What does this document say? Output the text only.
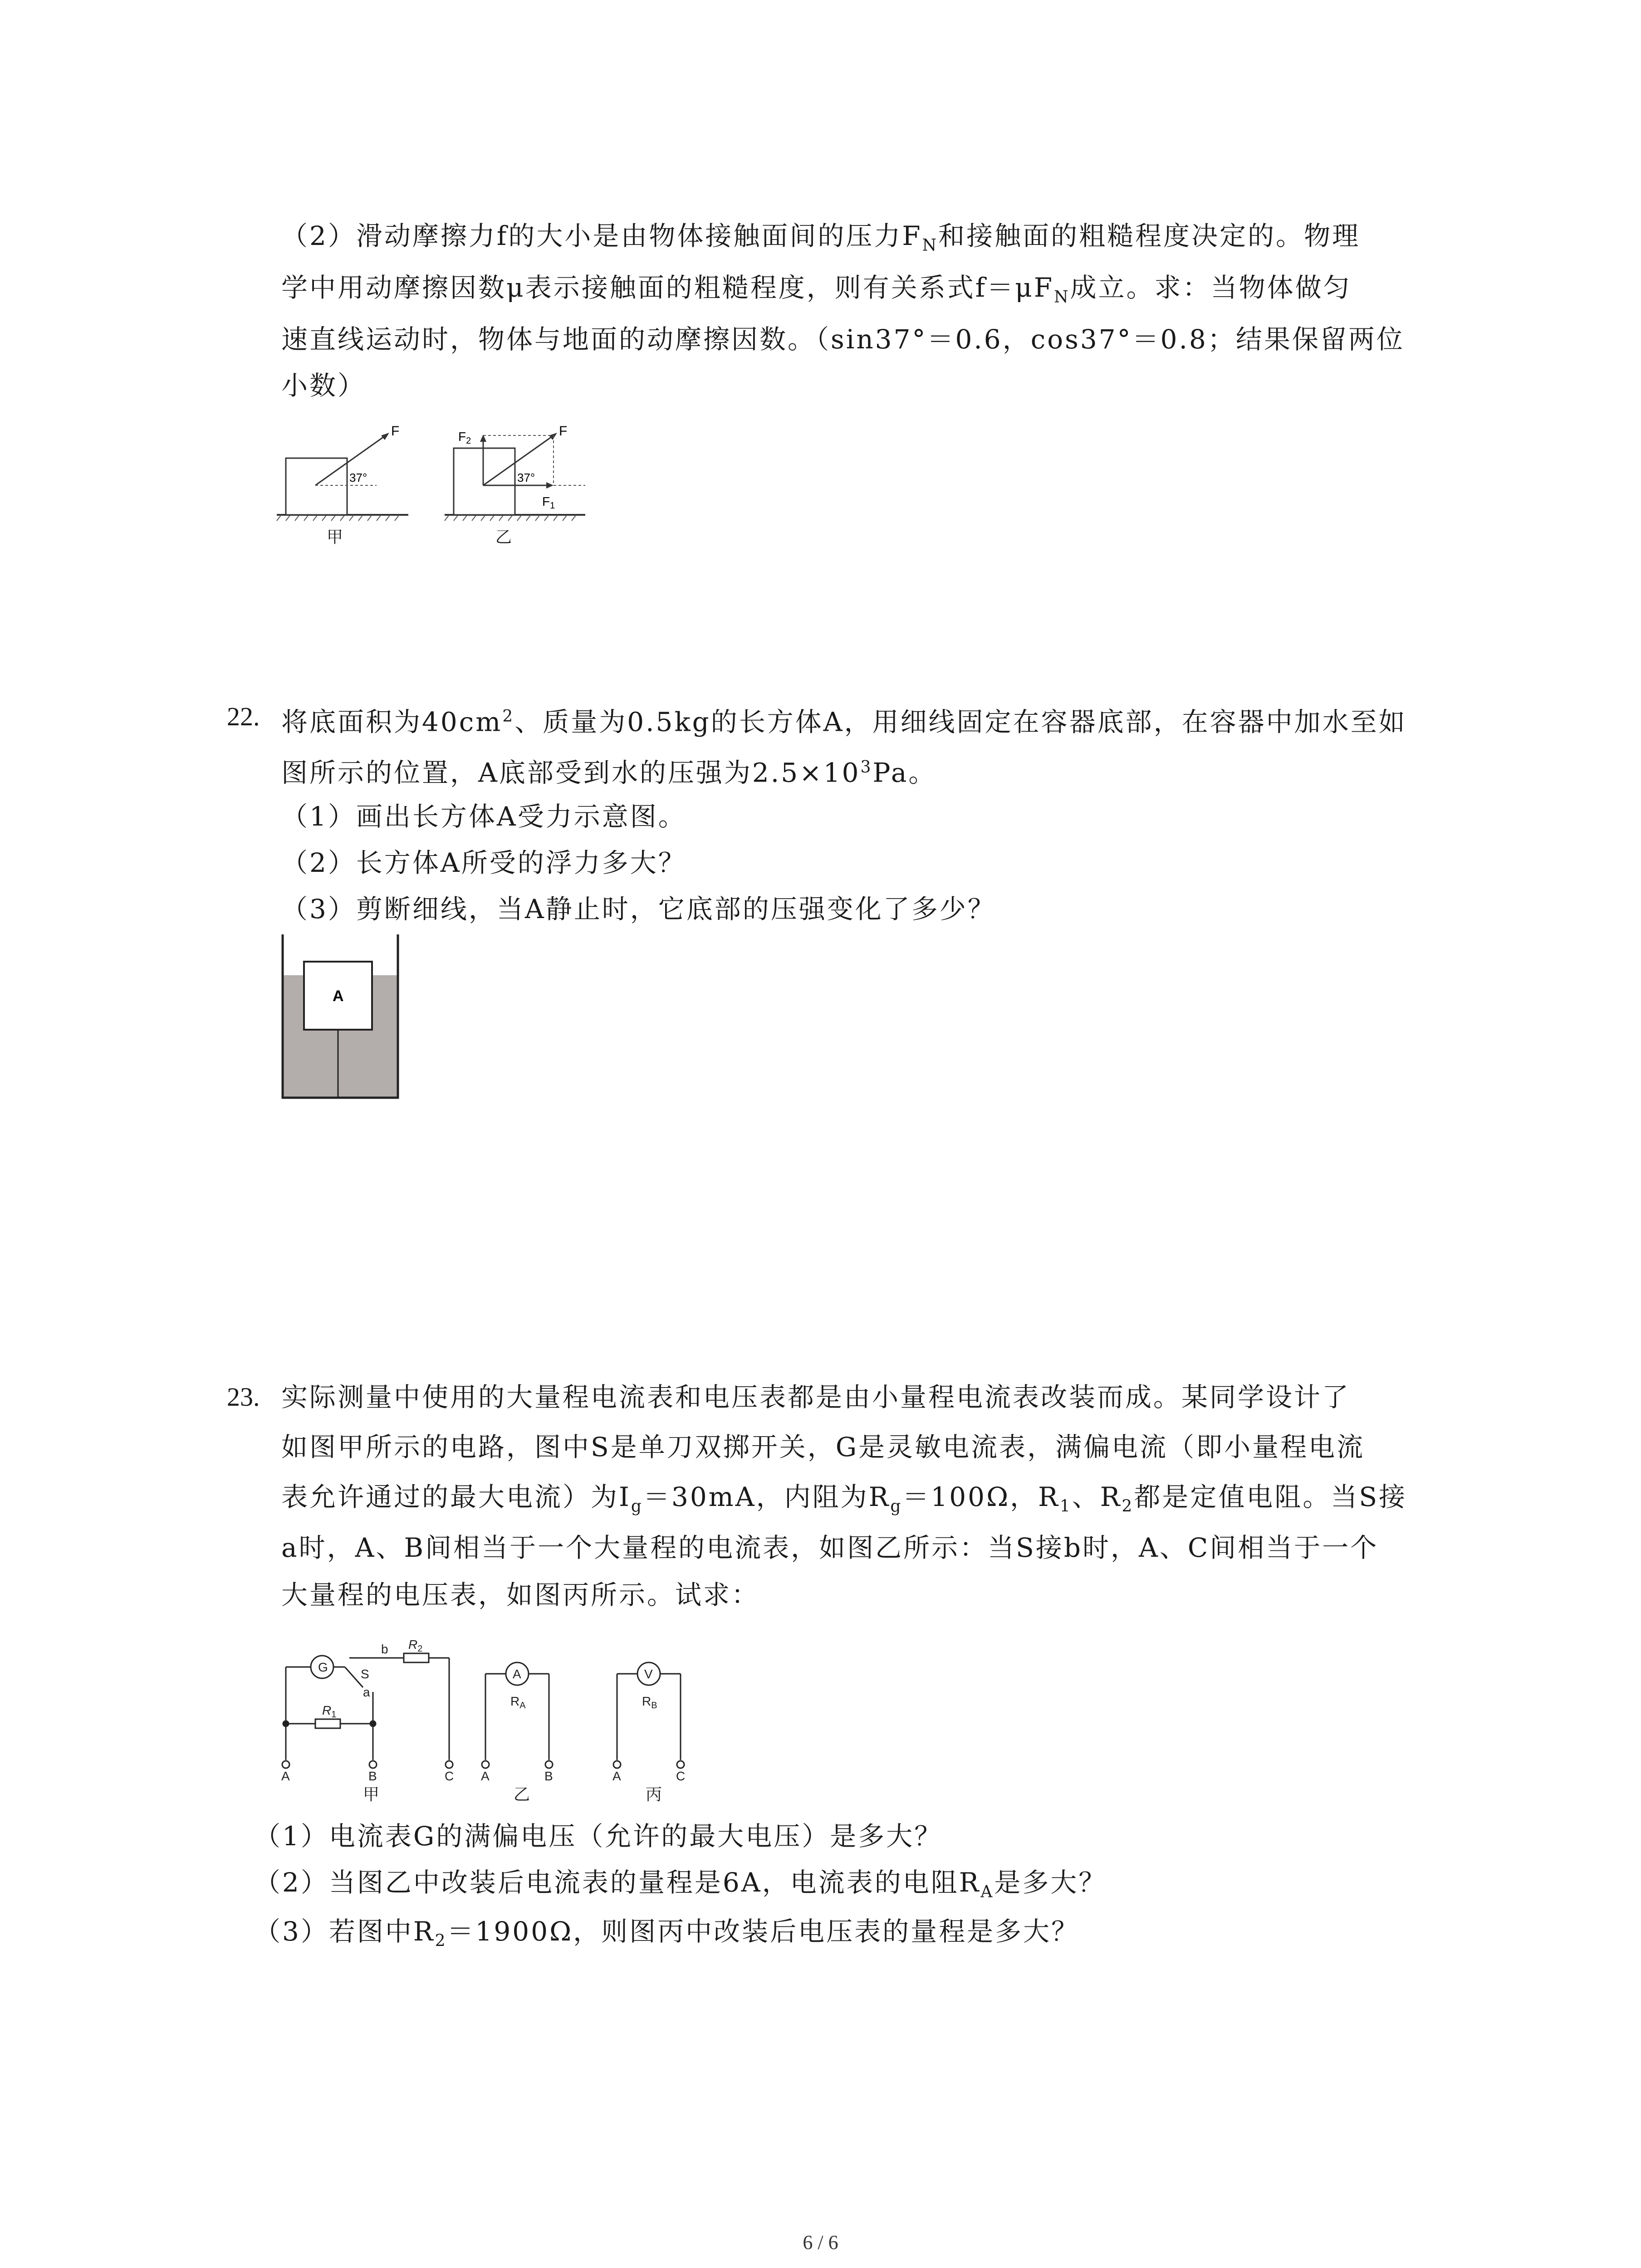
（2）滑动摩擦力f的大小是由物体接触面间的压力$F_N$和接触面的粗糙程度决定的。物理
学中用动摩擦因数μ表示接触面的粗糙程度，则有关系式$f=\mu F_N$成立。求：当物体做匀
速直线运动时，物体与地面的动摩擦因数。（sin37°＝0.6，cos37°＝0.8；结果保留两位
小数）
F
37°
$F_2$
F
37°
$F_1$
甲	乙
22. 将底面积为$40cm^2$、质量为0.5kg的长方体A，用细线固定在容器底部，在容器中加水至如
图所示的位置，A底部受到水的压强为$2.5\times 10^3Pa$。
（1）画出长方体A受力示意图。
（2）长方体A所受的浮力多大？
（3）剪断细线，当A静止时，它底部的压强变化了多少？
A
23. 实际测量中使用的大量程电流表和电压表都是由小量程电流表改装而成。某同学设计了
如图甲所示的电路，图中S是单刀双掷开关，G是灵敏电流表，满偏电流（即小量程电流
表允许通过的最大电流）为$I_g=30mA$，内阻为$R_g=100\Omega$，$R_1$、$R_2$都是定值电阻。当S接
a时，A、B间相当于一个大量程的电流表，如图乙所示：当S接b时，A、C间相当于一个
大量程的电压表，如图丙所示。试求：
G
$R_1$
$R_2$
S
a
b
A	B	C
A
$R_A$
A	B
V
$R_B$
A	C
甲	乙	丙
（1）电流表G的满偏电压（允许的最大电压）是多大？
（2）当图乙中改装后电流表的量程是6A，电流表的电阻$R_A$是多大？
（3）若图中$R_2=1900\Omega$，则图丙中改装后电压表的量程是多大？
6 / 6
